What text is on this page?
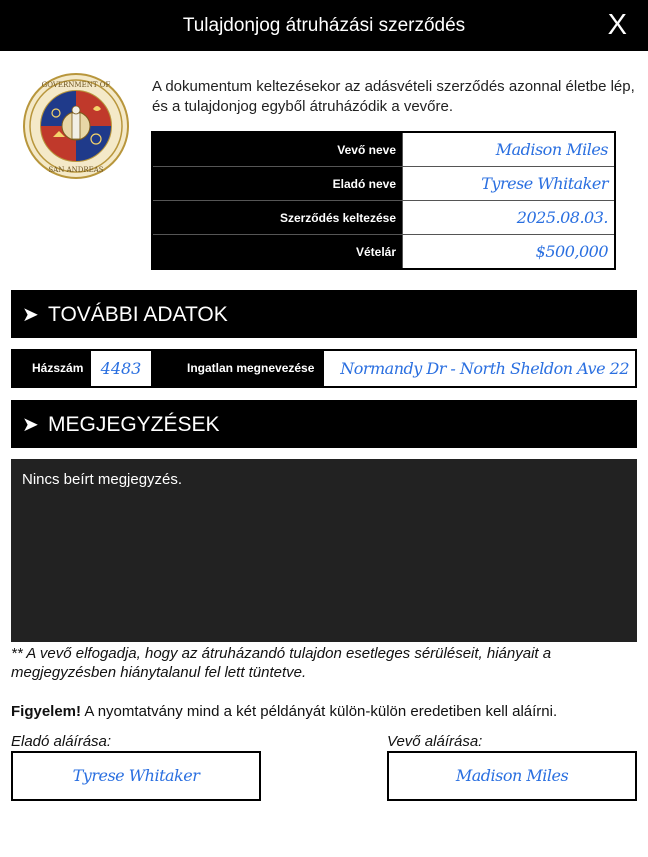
Tulajdonjog átruházási szerződés	X
GOVERNMENT OF
SAN ANDREAS
A dokumentum keltezésekor az adásvételi szerződés azonnal életbe lép, és a tulajdonjog egyből átruházódik a vevőre.
Vevő neve	Madison Miles
Eladó neve	Tyrese Whitaker
Szerződés keltezése	2025.08.03.
Vételár	$500,000
➤ TOVÁBBI ADATOK
Házszám	4483	Ingatlan megnevezése	Normandy Dr - North Sheldon Ave 22
➤ MEGJEGYZÉSEK
Nincs beírt megjegyzés.
** A vevő elfogadja, hogy az átruházandó tulajdon esetleges sérüléseit, hiányait a megjegyzésben hiánytalanul fel lett tüntetve.
Figyelem! A nyomtatvány mind a két példányát külön-külön eredetiben kell aláírni.
Eladó aláírása:
Tyrese Whitaker
Vevő aláírása:
Madison Miles
